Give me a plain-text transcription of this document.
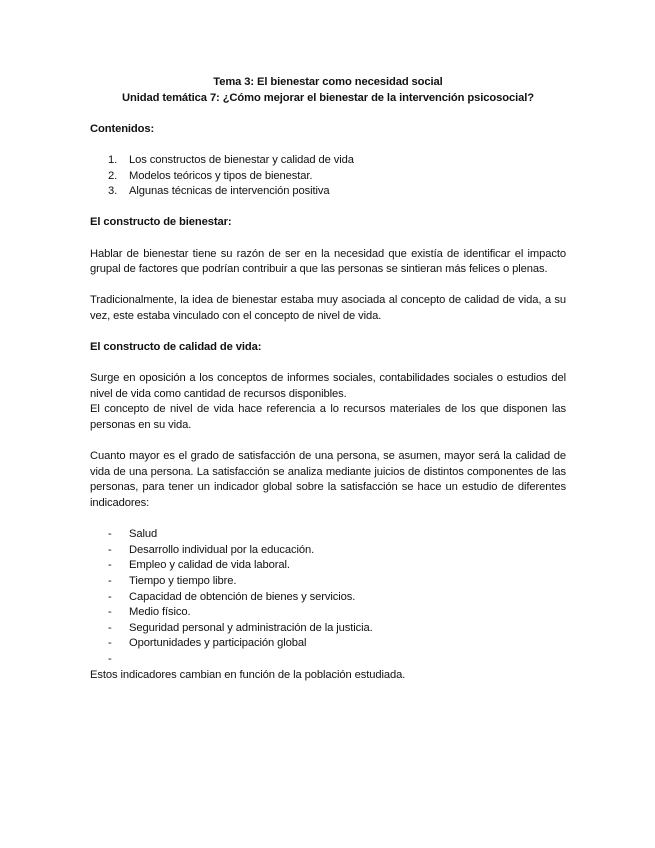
Tema 3: El bienestar como necesidad social

Unidad temática 7: ¿Cómo mejorar el bienestar de la intervención psicosocial?

Contenidos:

1. Los constructos de bienestar y calidad de vida
2. Modelos teóricos y tipos de bienestar.
3. Algunas técnicas de intervención positiva

El constructo de bienestar:

Hablar de bienestar tiene su razón de ser en la necesidad que existía de identificar el impacto grupal de factores que podrían contribuir a que las personas se sintieran más felices o plenas.

Tradicionalmente, la idea de bienestar estaba muy asociada al concepto de calidad de vida, a su vez, este estaba vinculado con el concepto de nivel de vida.

El constructo de calidad de vida:

Surge en oposición a los conceptos de informes sociales, contabilidades sociales o estudios del nivel de vida como cantidad de recursos disponibles.

El concepto de nivel de vida hace referencia a lo recursos materiales de los que disponen las personas en su vida.

Cuanto mayor es el grado de satisfacción de una persona, se asumen, mayor será la calidad de vida de una persona. La satisfacción se analiza mediante juicios de distintos componentes de las personas, para tener un indicador global sobre la satisfacción se hace un estudio de diferentes indicadores:

- Salud
- Desarrollo individual por la educación.
- Empleo y calidad de vida laboral.
- Tiempo y tiempo libre.
- Capacidad de obtención de bienes y servicios.
- Medio físico.
- Seguridad personal y administración de la justicia.
- Oportunidades y participación global
-

Estos indicadores cambian en función de la población estudiada.
